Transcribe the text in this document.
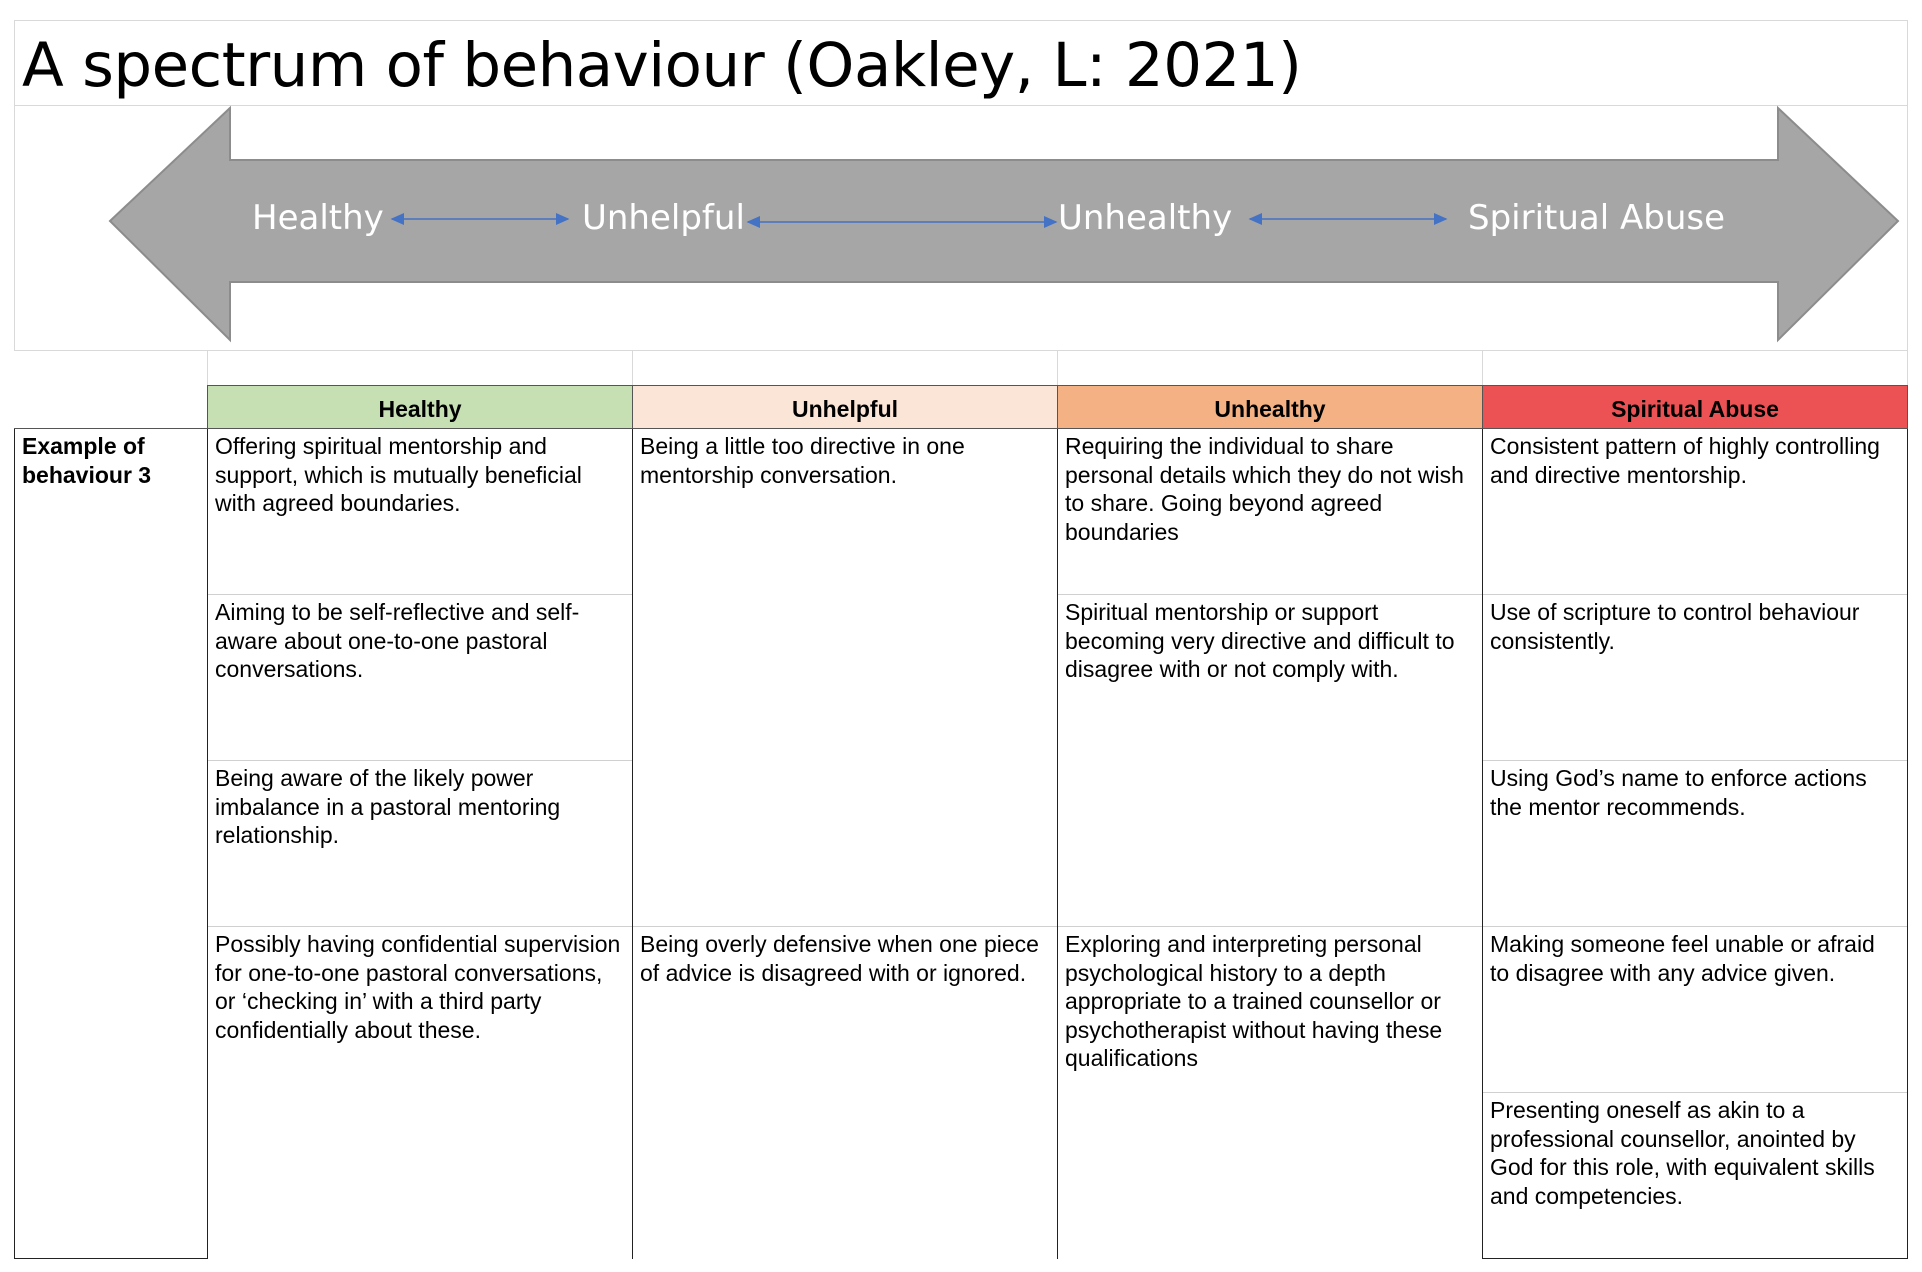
A spectrum of behaviour (Oakley, L: 2021)
Healthy	Unhelpful	Unhealthy	Spiritual Abuse
	Healthy	Unhelpful	Unhealthy	Spiritual Abuse
Example of behaviour 3	Offering spiritual mentorship and support, which is mutually beneficial with agreed boundaries.	Being a little too directive in one mentorship conversation.	Requiring the individual to share personal details which they do not wish to share. Going beyond agreed boundaries	Consistent pattern of highly controlling and directive mentorship.
	Aiming to be self-reflective and self-aware about one-to-one pastoral conversations.		Spiritual mentorship or support becoming very directive and difficult to disagree with or not comply with.	Use of scripture to control behaviour consistently.
	Being aware of the likely power imbalance in a pastoral mentoring relationship.			Using God’s name to enforce actions the mentor recommends.
	Possibly having confidential supervision for one-to-one pastoral conversations, or ‘checking in’ with a third party confidentially about these.	Being overly defensive when one piece of advice is disagreed with or ignored.	Exploring and interpreting personal psychological history to a depth appropriate to a trained counsellor or psychotherapist without having these qualifications	Making someone feel unable or afraid to disagree with any advice given.
				Presenting oneself as akin to a professional counsellor, anointed by God for this role, with equivalent skills and competencies.
